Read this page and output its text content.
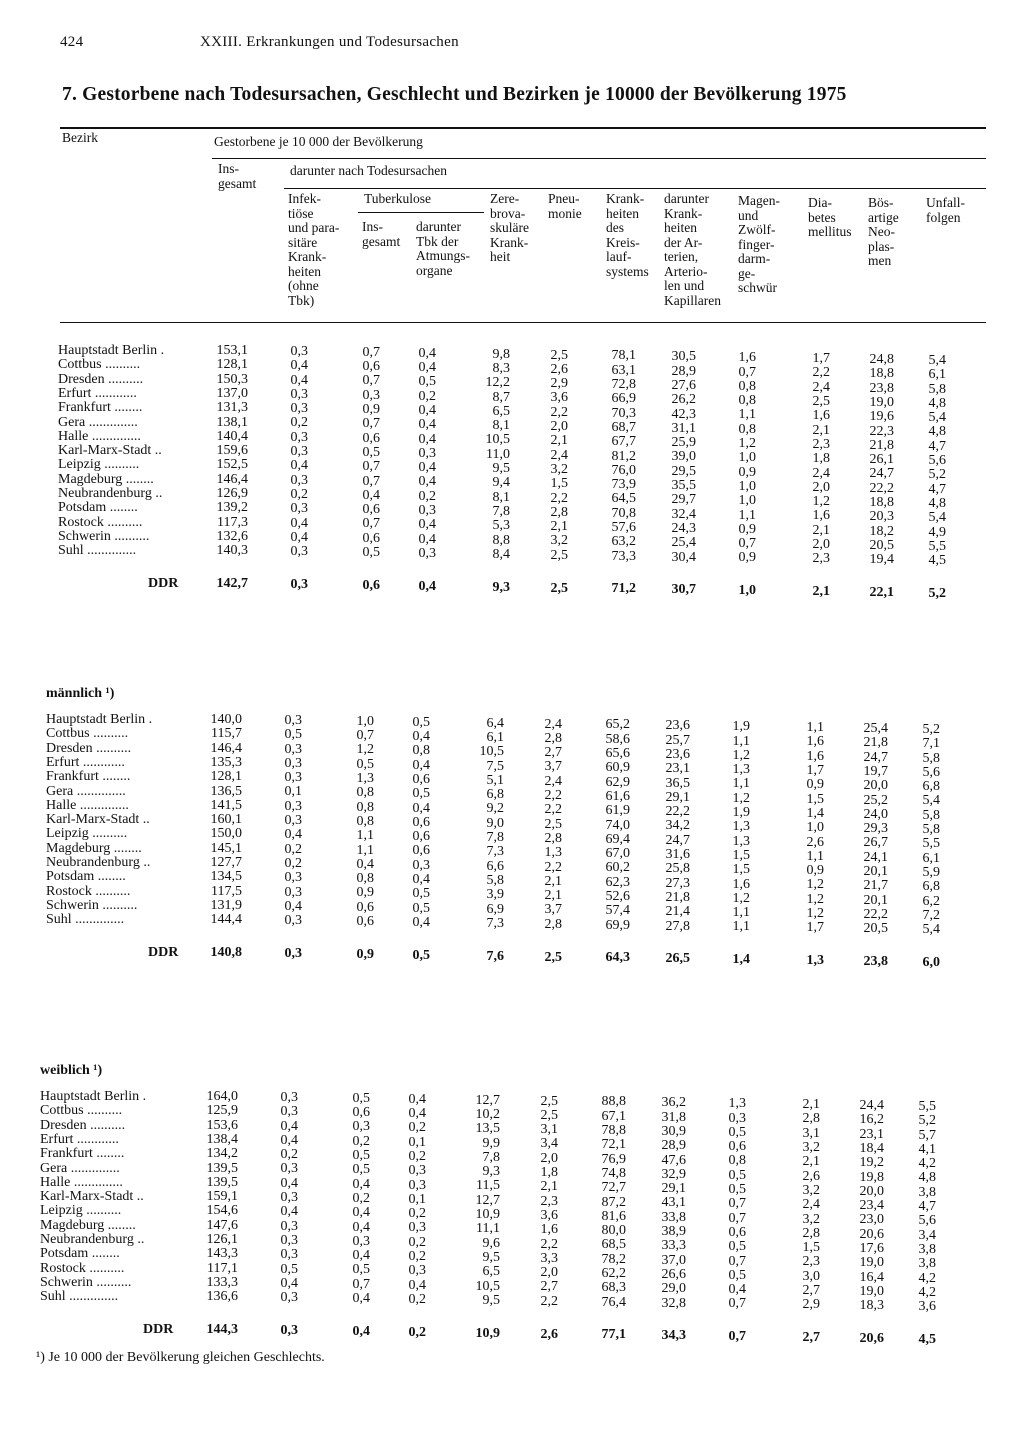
424	XXIII. Erkrankungen und Todesursachen
7. Gestorbene nach Todesursachen, Geschlecht und Bezirken je 10000 der Bevölkerung 1975
Bezirk	Gestorbene je 10 000 der Bevölkerung
Ins-
gesamt
darunter nach Todesursachen
Infek-
tiöse
und para-
sitäre
Krank-
heiten
(ohne
Tbk)
Tuberkulose
Ins-
gesamt
darunter
Tbk der
Atmungs-
organe
Zere-
brova-
skuläre
Krank-
heit
Pneu-
monie
Krank-
heiten
des
Kreis-
lauf-
systems
darunter
Krank-
heiten
der Ar-
terien,
Arterio-
len und
Kapillaren
Magen-
und
Zwölf-
finger-
darm-
ge-
schwür
Dia-
betes
mellitus
Bös-
artige
Neo-
plas-
men
Unfall-
folgen
Hauptstadt Berlin .	153,1	0,3	0,7	0,4	9,8	2,5	78,1	30,5	1,6	1,7	24,8	5,4
Cottbus ..........	128,1	0,4	0,6	0,4	8,3	2,6	63,1	28,9	0,7	2,2	18,8	6,1
Dresden ..........	150,3	0,4	0,7	0,5	12,2	2,9	72,8	27,6	0,8	2,4	23,8	5,8
Erfurt ............	137,0	0,3	0,3	0,2	8,7	3,6	66,9	26,2	0,8	2,5	19,0	4,8
Frankfurt ........	131,3	0,3	0,9	0,4	6,5	2,2	70,3	42,3	1,1	1,6	19,6	5,4
Gera ..............	138,1	0,2	0,7	0,4	8,1	2,0	68,7	31,1	0,8	2,1	22,3	4,8
Halle ..............	140,4	0,3	0,6	0,4	10,5	2,1	67,7	25,9	1,2	2,3	21,8	4,7
Karl-Marx-Stadt ..	159,6	0,3	0,5	0,3	11,0	2,4	81,2	39,0	1,0	1,8	26,1	5,6
Leipzig ..........	152,5	0,4	0,7	0,4	9,5	3,2	76,0	29,5	0,9	2,4	24,7	5,2
Magdeburg ........	146,4	0,3	0,7	0,4	9,4	1,5	73,9	35,5	1,0	2,0	22,2	4,7
Neubrandenburg ..	126,9	0,2	0,4	0,2	8,1	2,2	64,5	29,7	1,0	1,2	18,8	4,8
Potsdam ........	139,2	0,3	0,6	0,3	7,8	2,8	70,8	32,4	1,1	1,6	20,3	5,4
Rostock ..........	117,3	0,4	0,7	0,4	5,3	2,1	57,6	24,3	0,9	2,1	18,2	4,9
Schwerin ..........	132,6	0,4	0,6	0,4	8,8	3,2	63,2	25,4	0,7	2,0	20,5	5,5
Suhl ..............	140,3	0,3	0,5	0,3	8,4	2,5	73,3	30,4	0,9	2,3	19,4	4,5
DDR	142,7	0,3	0,6	0,4	9,3	2,5	71,2	30,7	1,0	2,1	22,1	5,2
männlich ¹)
Hauptstadt Berlin .	140,0	0,3	1,0	0,5	6,4	2,4	65,2	23,6	1,9	1,1	25,4	5,2
Cottbus ..........	115,7	0,5	0,7	0,4	6,1	2,8	58,6	25,7	1,1	1,6	21,8	7,1
Dresden ..........	146,4	0,3	1,2	0,8	10,5	2,7	65,6	23,6	1,2	1,6	24,7	5,8
Erfurt ............	135,3	0,3	0,5	0,4	7,5	3,7	60,9	23,1	1,3	1,7	19,7	5,6
Frankfurt ........	128,1	0,3	1,3	0,6	5,1	2,4	62,9	36,5	1,1	0,9	20,0	6,8
Gera ..............	136,5	0,1	0,8	0,5	6,8	2,2	61,6	29,1	1,2	1,5	25,2	5,4
Halle ..............	141,5	0,3	0,8	0,4	9,2	2,2	61,9	22,2	1,9	1,4	24,0	5,8
Karl-Marx-Stadt ..	160,1	0,3	0,8	0,6	9,0	2,5	74,0	34,2	1,3	1,0	29,3	5,8
Leipzig ..........	150,0	0,4	1,1	0,6	7,8	2,8	69,4	24,7	1,3	2,6	26,7	5,5
Magdeburg ........	145,1	0,2	1,1	0,6	7,3	1,3	67,0	31,6	1,5	1,1	24,1	6,1
Neubrandenburg ..	127,7	0,2	0,4	0,3	6,6	2,2	60,2	25,8	1,5	0,9	20,1	5,9
Potsdam ........	134,5	0,3	0,8	0,4	5,8	2,1	62,3	27,3	1,6	1,2	21,7	6,8
Rostock ..........	117,5	0,3	0,9	0,5	3,9	2,1	52,6	21,8	1,2	1,2	20,1	6,2
Schwerin ..........	131,9	0,4	0,6	0,5	6,9	3,7	57,4	21,4	1,1	1,2	22,2	7,2
Suhl ..............	144,4	0,3	0,6	0,4	7,3	2,8	69,9	27,8	1,1	1,7	20,5	5,4
DDR	140,8	0,3	0,9	0,5	7,6	2,5	64,3	26,5	1,4	1,3	23,8	6,0
weiblich ¹)
Hauptstadt Berlin .	164,0	0,3	0,5	0,4	12,7	2,5	88,8	36,2	1,3	2,1	24,4	5,5
Cottbus ..........	125,9	0,3	0,6	0,4	10,2	2,5	67,1	31,8	0,3	2,8	16,2	5,2
Dresden ..........	153,6	0,4	0,3	0,2	13,5	3,1	78,8	30,9	0,5	3,1	23,1	5,7
Erfurt ............	138,4	0,4	0,2	0,1	9,9	3,4	72,1	28,9	0,6	3,2	18,4	4,1
Frankfurt ........	134,2	0,2	0,5	0,2	7,8	2,0	76,9	47,6	0,8	2,1	19,2	4,2
Gera ..............	139,5	0,3	0,5	0,3	9,3	1,8	74,8	32,9	0,5	2,6	19,8	4,8
Halle ..............	139,5	0,4	0,4	0,3	11,5	2,1	72,7	29,1	0,5	3,2	20,0	3,8
Karl-Marx-Stadt ..	159,1	0,3	0,2	0,1	12,7	2,3	87,2	43,1	0,7	2,4	23,4	4,7
Leipzig ..........	154,6	0,4	0,4	0,2	10,9	3,6	81,6	33,8	0,7	3,2	23,0	5,6
Magdeburg ........	147,6	0,3	0,4	0,3	11,1	1,6	80,0	38,9	0,6	2,8	20,6	3,4
Neubrandenburg ..	126,1	0,3	0,3	0,2	9,6	2,2	68,5	33,3	0,5	1,5	17,6	3,8
Potsdam ........	143,3	0,3	0,4	0,2	9,5	3,3	78,2	37,0	0,7	2,3	19,0	3,8
Rostock ..........	117,1	0,5	0,5	0,3	6,5	2,0	62,2	26,6	0,5	3,0	16,4	4,2
Schwerin ..........	133,3	0,4	0,7	0,4	10,5	2,7	68,3	29,0	0,4	2,7	19,0	4,2
Suhl ..............	136,6	0,3	0,4	0,2	9,5	2,2	76,4	32,8	0,7	2,9	18,3	3,6
DDR	144,3	0,3	0,4	0,2	10,9	2,6	77,1	34,3	0,7	2,7	20,6	4,5
¹) Je 10 000 der Bevölkerung gleichen Geschlechts.
